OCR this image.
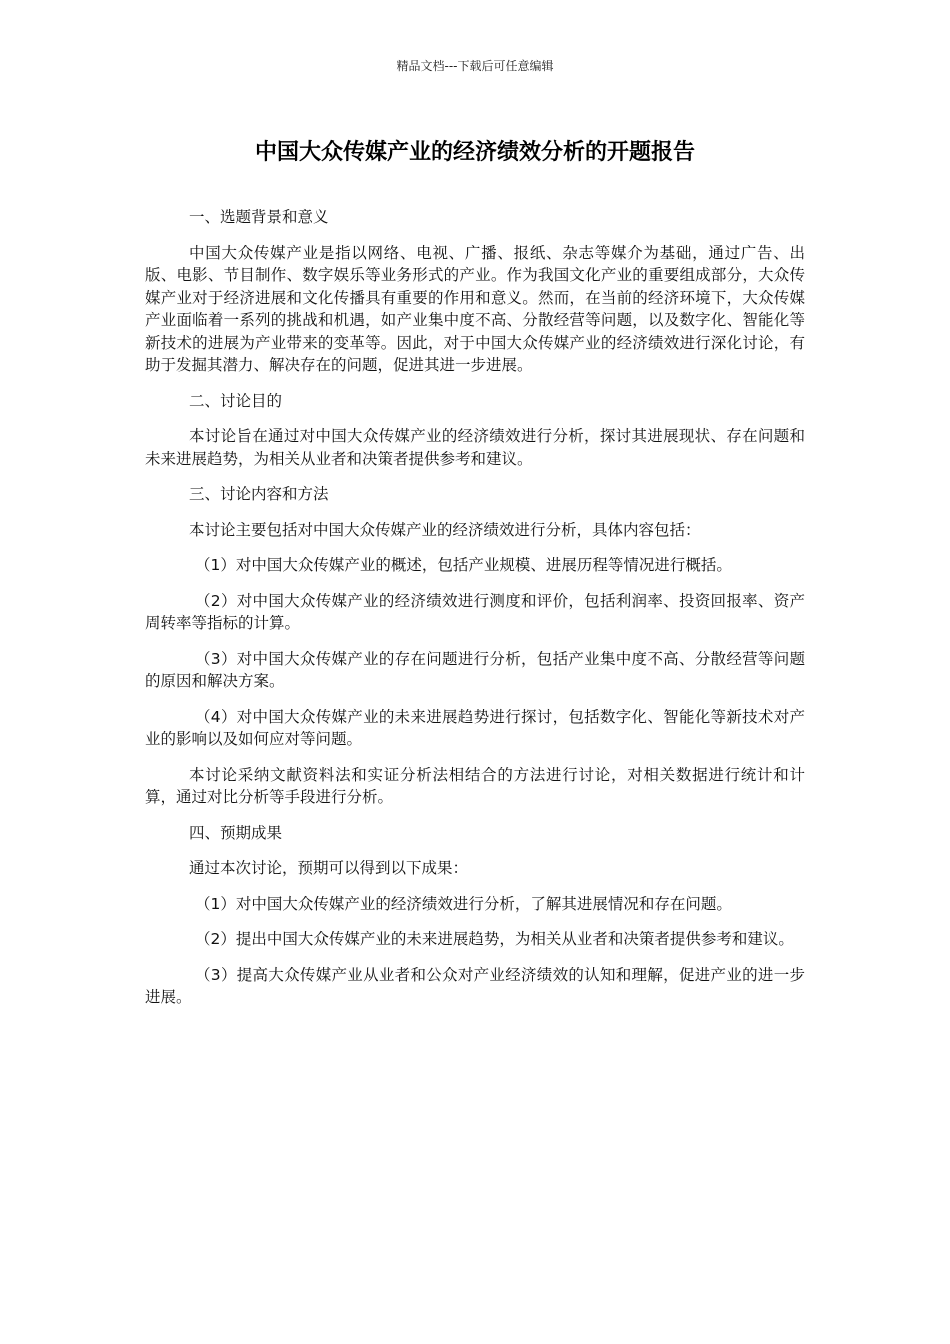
精品文档---下载后可任意编辑
中国大众传媒产业的经济绩效分析的开题报告

一、选题背景和意义

中国大众传媒产业是指以网络、电视、广播、报纸、杂志等媒介为基础，通过广告、出版、电影、节目制作、数字娱乐等业务形式的产业。作为我国文化产业的重要组成部分，大众传媒产业对于经济进展和文化传播具有重要的作用和意义。然而，在当前的经济环境下，大众传媒产业面临着一系列的挑战和机遇，如产业集中度不高、分散经营等问题，以及数字化、智能化等新技术的进展为产业带来的变革等。因此，对于中国大众传媒产业的经济绩效进行深化讨论，有助于发掘其潜力、解决存在的问题，促进其进一步进展。

二、讨论目的

本讨论旨在通过对中国大众传媒产业的经济绩效进行分析，探讨其进展现状、存在问题和未来进展趋势，为相关从业者和决策者提供参考和建议。

三、讨论内容和方法

本讨论主要包括对中国大众传媒产业的经济绩效进行分析，具体内容包括：

（1）对中国大众传媒产业的概述，包括产业规模、进展历程等情况进行概括。

（2）对中国大众传媒产业的经济绩效进行测度和评价，包括利润率、投资回报率、资产周转率等指标的计算。

（3）对中国大众传媒产业的存在问题进行分析，包括产业集中度不高、分散经营等问题的原因和解决方案。

（4）对中国大众传媒产业的未来进展趋势进行探讨，包括数字化、智能化等新技术对产业的影响以及如何应对等问题。

本讨论采纳文献资料法和实证分析法相结合的方法进行讨论，对相关数据进行统计和计算，通过对比分析等手段进行分析。

四、预期成果

通过本次讨论，预期可以得到以下成果：

（1）对中国大众传媒产业的经济绩效进行分析，了解其进展情况和存在问题。

（2）提出中国大众传媒产业的未来进展趋势，为相关从业者和决策者提供参考和建议。

（3）提高大众传媒产业从业者和公众对产业经济绩效的认知和理解，促进产业的进一步进展。
